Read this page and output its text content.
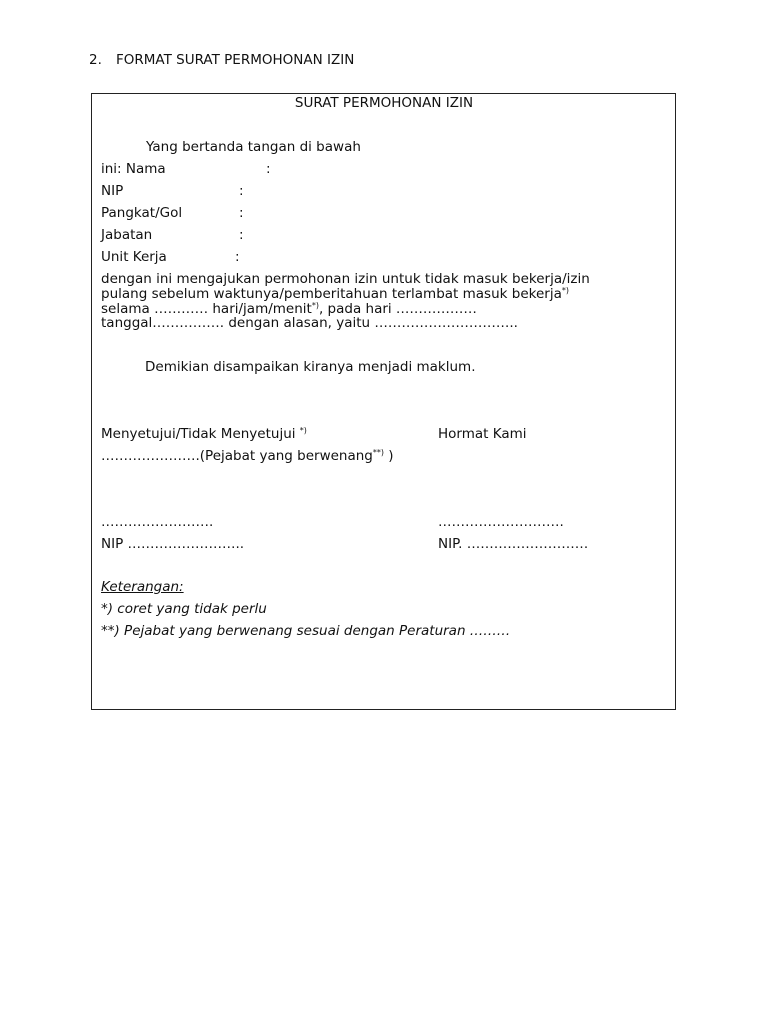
2. FORMAT SURAT PERMOHONAN IZIN
SURAT PERMOHONAN IZIN
Yang bertanda tangan di bawah
ini: Nama	:
NIP	:
Pangkat/Gol	:
Jabatan	:
Unit Kerja	:
dengan ini mengajukan permohonan izin untuk tidak masuk bekerja/izin
pulang sebelum waktunya/pemberitahuan terlambat masuk bekerja*)
selama ………… hari/jam/menit*), pada hari ………………
tanggal……………. dengan alasan, yaitu …………………………..
Demikian disampaikan kiranya menjadi maklum.
Menyetujui/Tidak Menyetujui *)	Hormat Kami
………………….(Pejabat yang berwenang**) )
…………………….	……………………….
NIP ……………………..	NIP. ………………………
Keterangan:
*) coret yang tidak perlu
**) Pejabat yang berwenang sesuai dengan Peraturan ………
